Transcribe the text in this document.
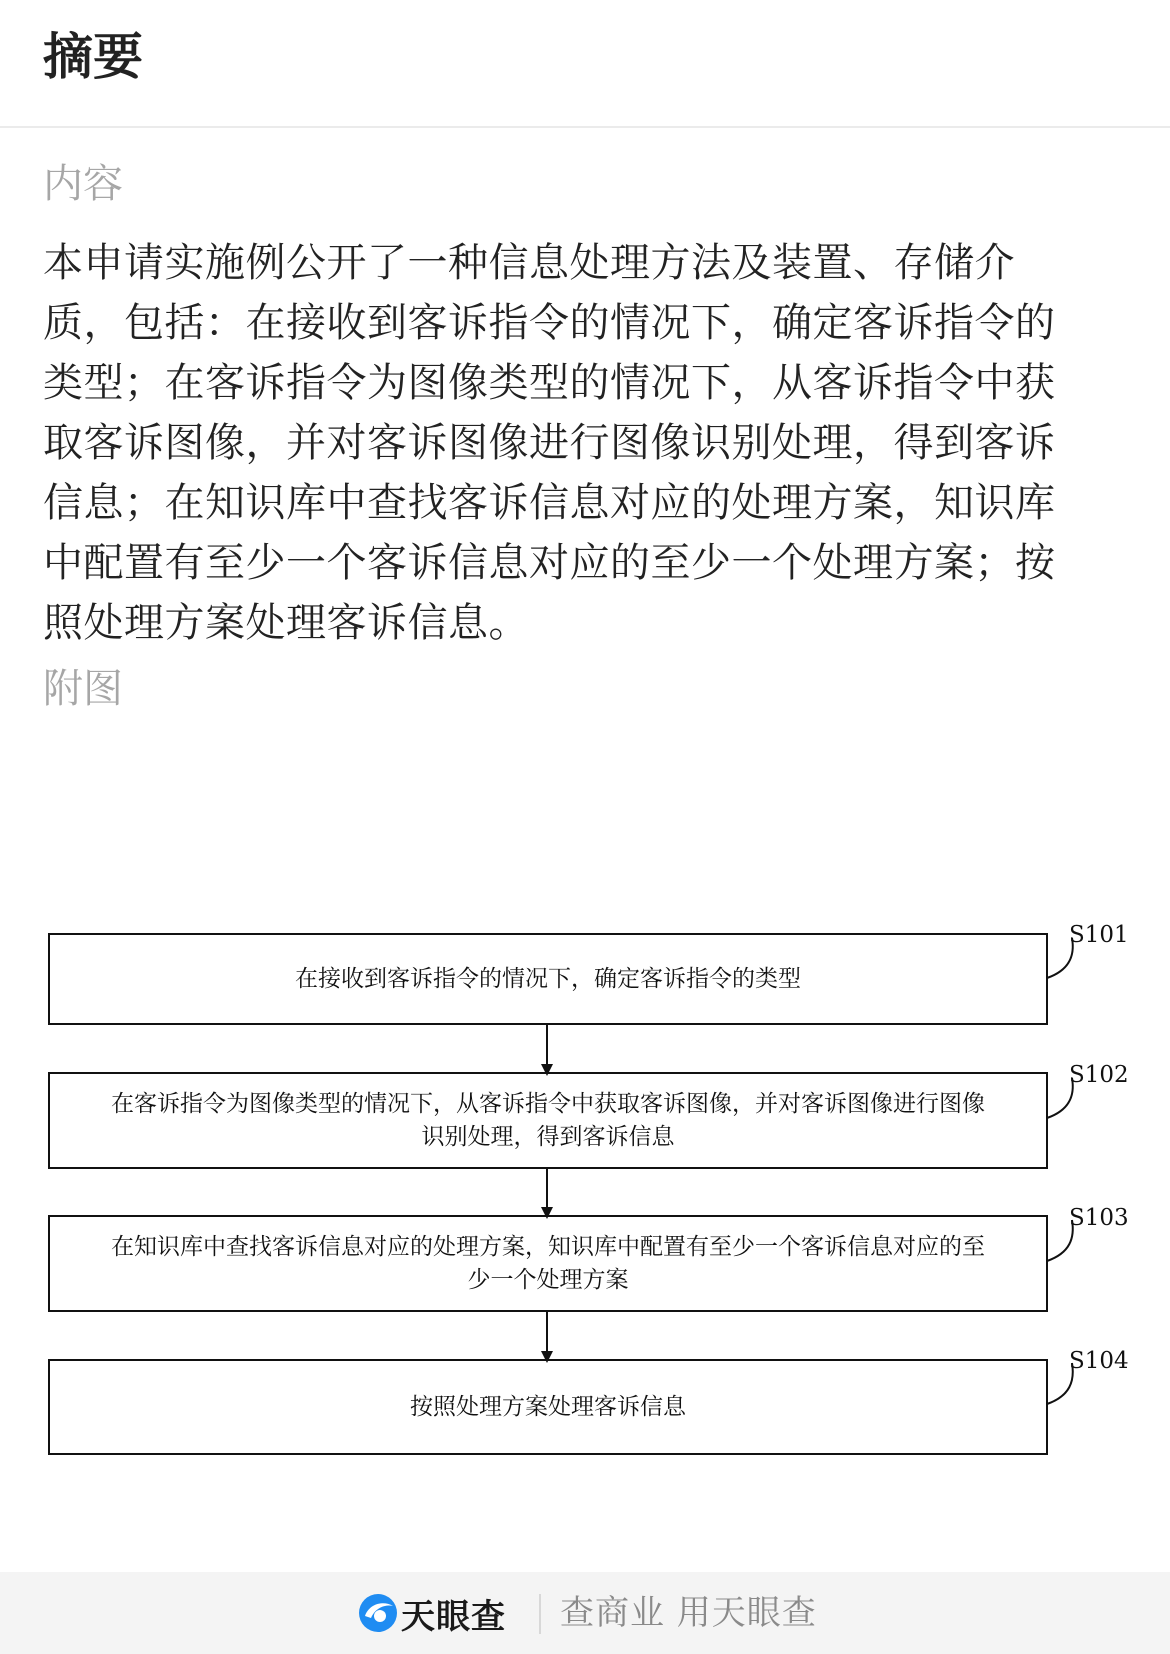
摘要
内容
本申请实施例公开了一种信息处理方法及装置、存储介
质，包括：在接收到客诉指令的情况下，确定客诉指令的
类型；在客诉指令为图像类型的情况下，从客诉指令中获
取客诉图像，并对客诉图像进行图像识别处理，得到客诉
信息；在知识库中查找客诉信息对应的处理方案，知识库
中配置有至少一个客诉信息对应的至少一个处理方案；按
照处理方案处理客诉信息。
附图
S101
S102
S103
S104
在接收到客诉指令的情况下，确定客诉指令的类型
在客诉指令为图像类型的情况下，从客诉指令中获取客诉图像，并对客诉图像进行图像
识别处理，得到客诉信息
在知识库中查找客诉信息对应的处理方案，知识库中配置有至少一个客诉信息对应的至
少一个处理方案
按照处理方案处理客诉信息
天眼查 查商业 用天眼查
